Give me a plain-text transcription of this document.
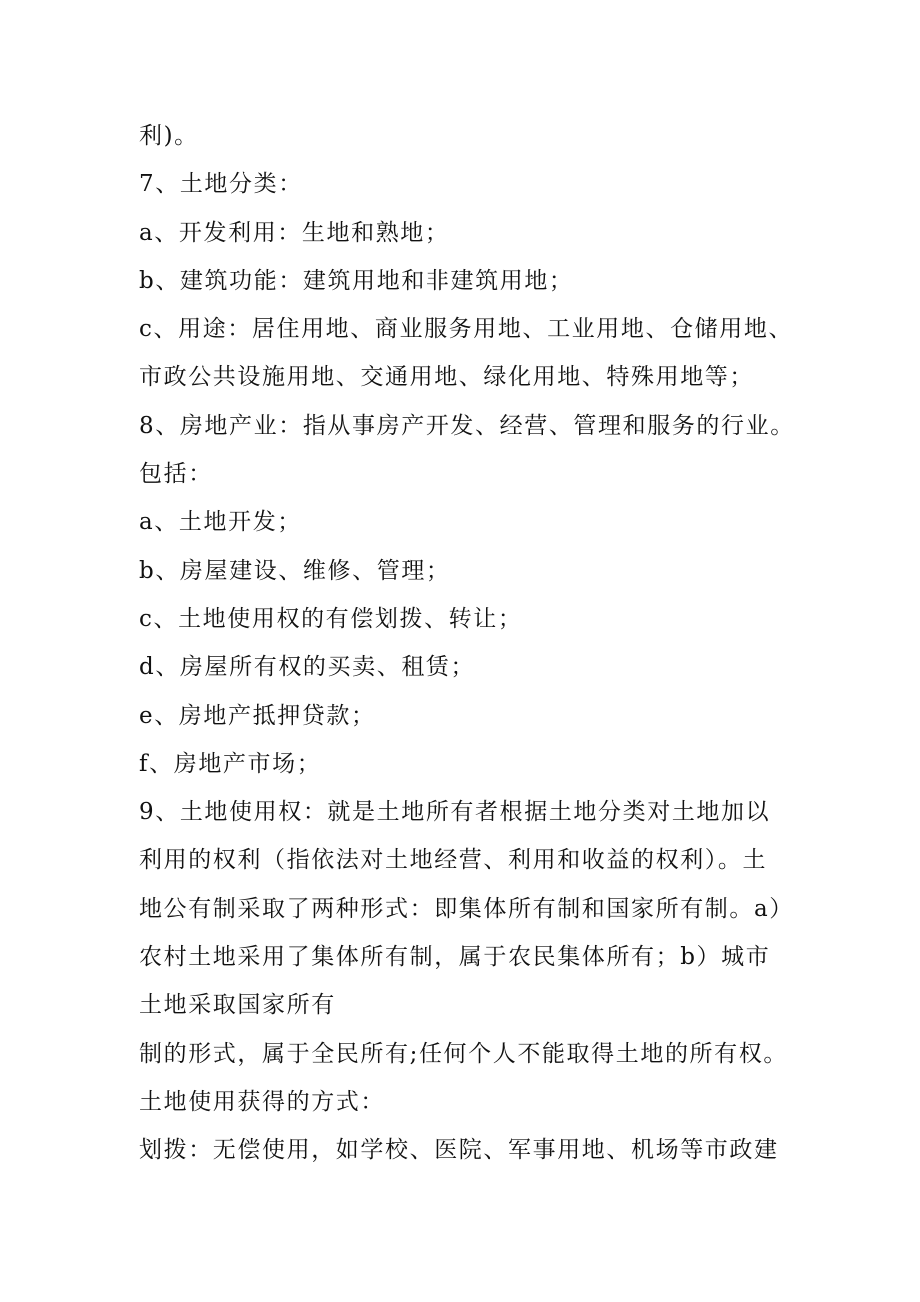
利)。
7、土地分类：
a、开发利用：生地和熟地；
b、建筑功能：建筑用地和非建筑用地；
c、用途：居住用地、商业服务用地、工业用地、仓储用地、
市政公共设施用地、交通用地、绿化用地、特殊用地等；
8、房地产业：指从事房产开发、经营、管理和服务的行业。
包括：
a、土地开发；
b、房屋建设、维修、管理；
c、土地使用权的有偿划拨、转让；
d、房屋所有权的买卖、租赁；
e、房地产抵押贷款；
f、房地产市场；
9、土地使用权：就是土地所有者根据土地分类对土地加以
利用的权利（指依法对土地经营、利用和收益的权利）。土
地公有制采取了两种形式：即集体所有制和国家所有制。a）
农村土地采用了集体所有制，属于农民集体所有；b）城市
土地采取国家所有
制的形式，属于全民所有;任何个人不能取得土地的所有权。
土地使用获得的方式：
划拨：无偿使用，如学校、医院、军事用地、机场等市政建
